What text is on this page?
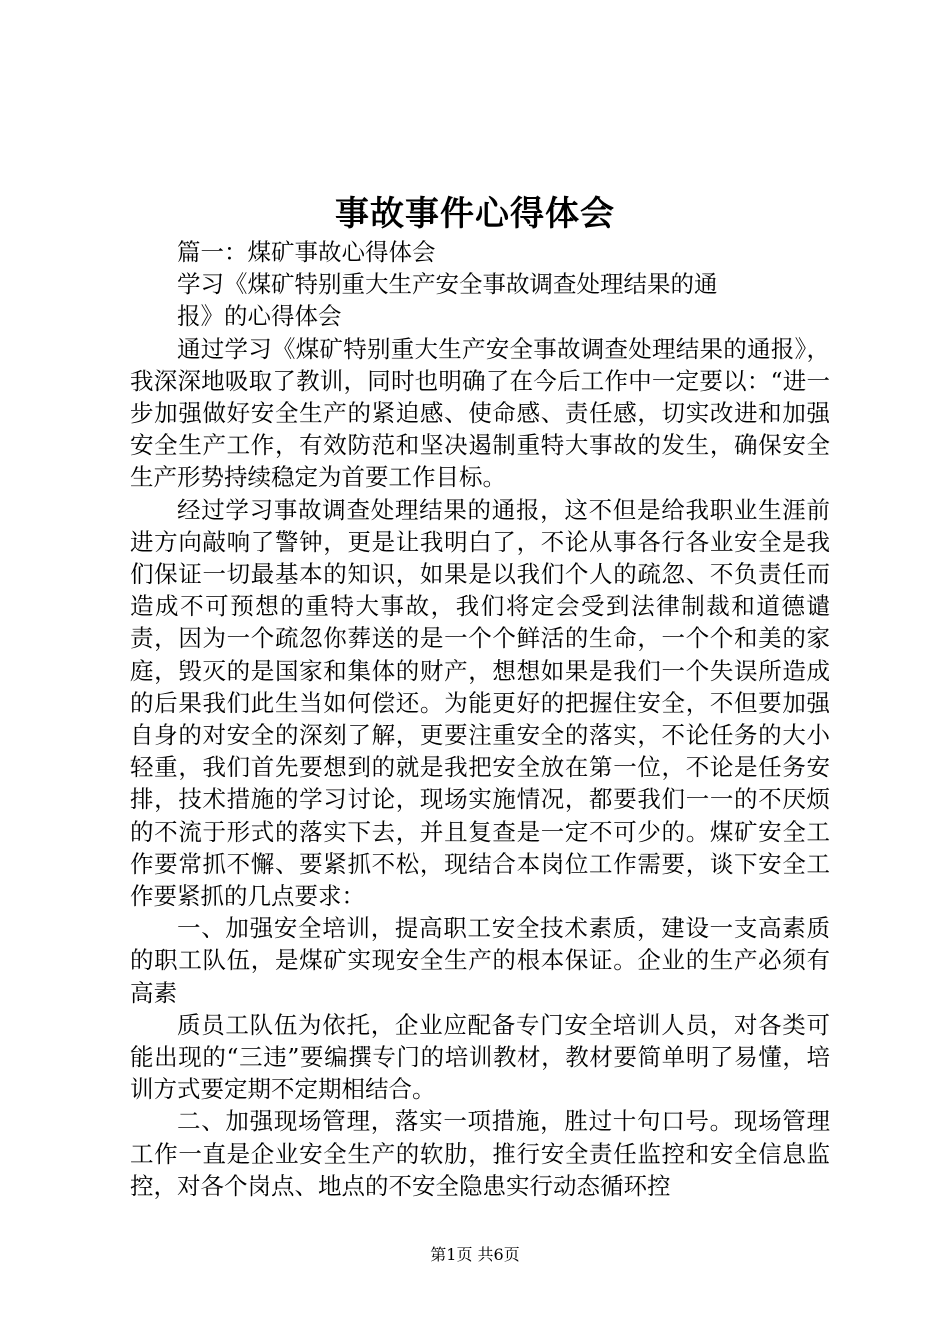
事故事件心得体会

篇一：煤矿事故心得体会

学习《煤矿特别重大生产安全事故调查处理结果的通

报》的心得体会

通过学习《煤矿特别重大生产安全事故调查处理结果的通报》，我深深地吸取了教训，同时也明确了在今后工作中一定要以：“进一步加强做好安全生产的紧迫感、使命感、责任感，切实改进和加强安全生产工作，有效防范和坚决遏制重特大事故的发生，确保安全生产形势持续稳定为首要工作目标。

经过学习事故调查处理结果的通报，这不但是给我职业生涯前进方向敲响了警钟，更是让我明白了，不论从事各行各业安全是我们保证一切最基本的知识，如果是以我们个人的疏忽、不负责任而造成不可预想的重特大事故，我们将定会受到法律制裁和道德谴责，因为一个疏忽你葬送的是一个个鲜活的生命，一个个和美的家庭，毁灭的是国家和集体的财产，想想如果是我们一个失误所造成的后果我们此生当如何偿还。为能更好的把握住安全，不但要加强自身的对安全的深刻了解，更要注重安全的落实，不论任务的大小轻重，我们首先要想到的就是我把安全放在第一位，不论是任务安排，技术措施的学习讨论，现场实施情况，都要我们一一的不厌烦的不流于形式的落实下去，并且复查是一定不可少的。煤矿安全工作要常抓不懈、要紧抓不松，现结合本岗位工作需要，谈下安全工作要紧抓的几点要求：

一、加强安全培训，提高职工安全技术素质，建设一支高素质的职工队伍，是煤矿实现安全生产的根本保证。企业的生产必须有高素

质员工队伍为依托，企业应配备专门安全培训人员，对各类可能出现的“三违”要编撰专门的培训教材，教材要简单明了易懂，培训方式要定期不定期相结合。

二、加强现场管理，落实一项措施，胜过十句口号。现场管理工作一直是企业安全生产的软肋，推行安全责任监控和安全信息监控，对各个岗点、地点的不安全隐患实行动态循环控

第1页 共6页
